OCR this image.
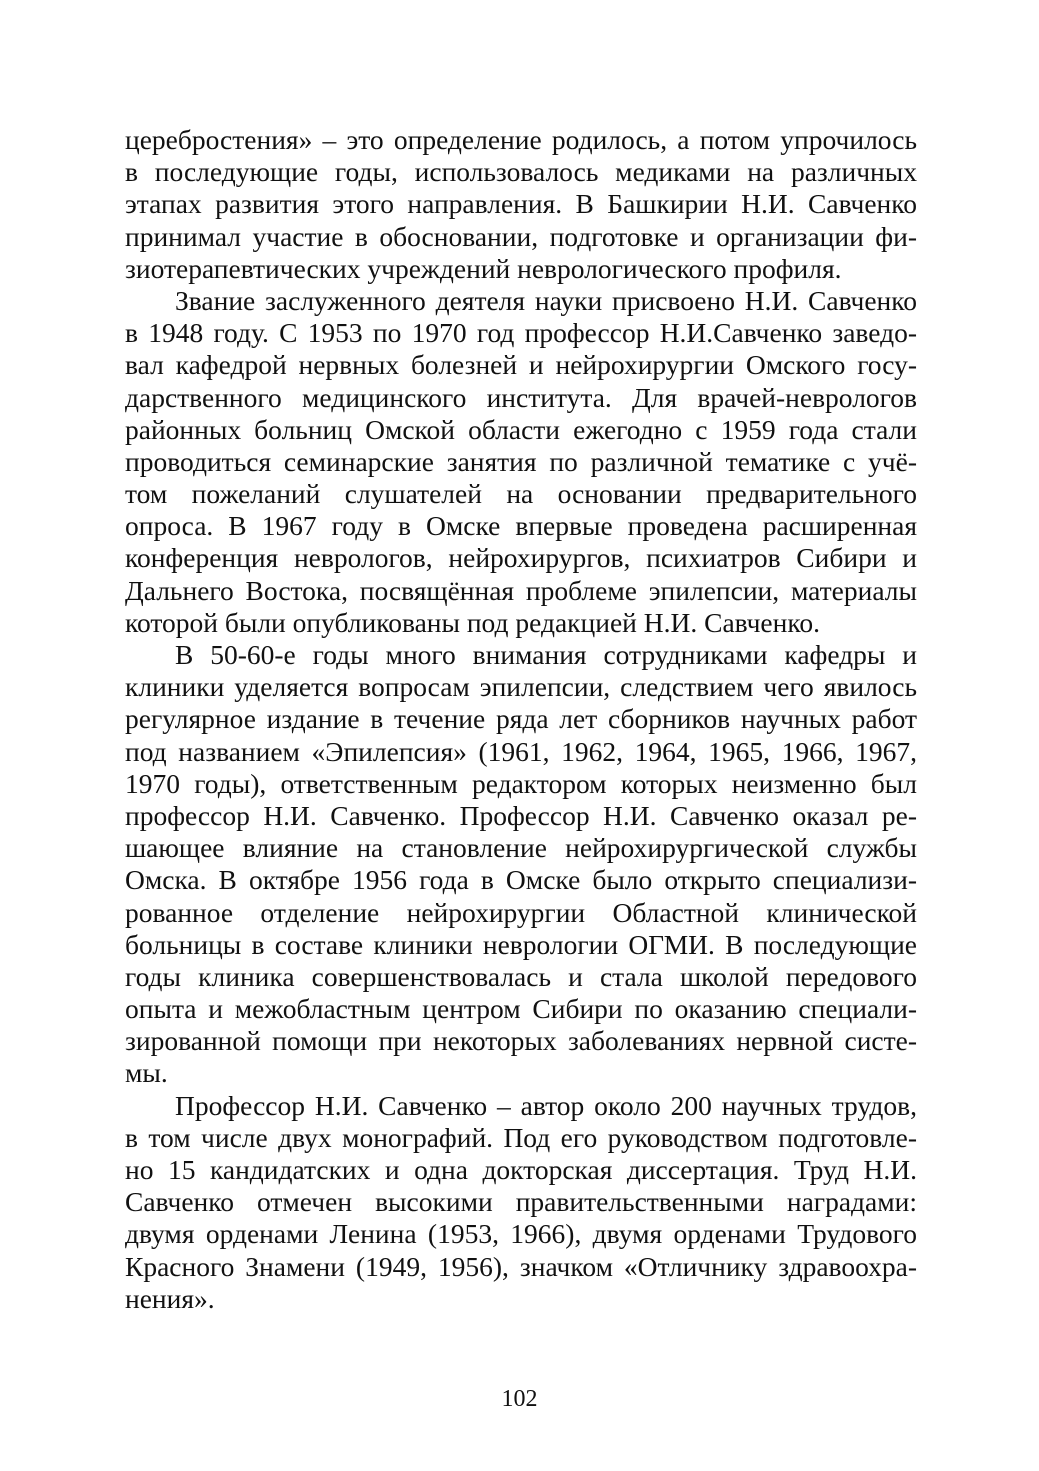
церебростения» – это определение родилось, а потом упрочилось
в последующие годы, использовалось медиками на различных
этапах развития этого направления. В Башкирии Н.И. Савченко
принимал участие в обосновании, подготовке и организации фи-
зиотерапевтических учреждений неврологического профиля.
Звание заслуженного деятеля науки присвоено Н.И. Савченко
в 1948 году. С 1953 по 1970 год профессор Н.И.Савченко заведо-
вал кафедрой нервных болезней и нейрохирургии Омского госу-
дарственного медицинского института. Для врачей-неврологов
районных больниц Омской области ежегодно с 1959 года стали
проводиться семинарские занятия по различной тематике с учё-
том пожеланий слушателей на основании предварительного
опроса. В 1967 году в Омске впервые проведена расширенная
конференция неврологов, нейрохирургов, психиатров Сибири и
Дальнего Востока, посвящённая проблеме эпилепсии, материалы
которой были опубликованы под редакцией Н.И. Савченко.
В 50-60-е годы много внимания сотрудниками кафедры и
клиники уделяется вопросам эпилепсии, следствием чего явилось
регулярное издание в течение ряда лет сборников научных работ
под названием «Эпилепсия» (1961, 1962, 1964, 1965, 1966, 1967,
1970 годы), ответственным редактором которых неизменно был
профессор Н.И. Савченко. Профессор Н.И. Савченко оказал ре-
шающее влияние на становление нейрохирургической службы
Омска. В октябре 1956 года в Омске было открыто специализи-
рованное отделение нейрохирургии Областной клинической
больницы в составе клиники неврологии ОГМИ. В последующие
годы клиника совершенствовалась и стала школой передового
опыта и межобластным центром Сибири по оказанию специали-
зированной помощи при некоторых заболеваниях нервной систе-
мы.
Профессор Н.И. Савченко – автор около 200 научных трудов,
в том числе двух монографий. Под его руководством подготовле-
но 15 кандидатских и одна докторская диссертация. Труд Н.И.
Савченко отмечен высокими правительственными наградами:
двумя орденами Ленина (1953, 1966), двумя орденами Трудового
Красного Знамени (1949, 1956), значком «Отличнику здравоохра-
нения».
102
